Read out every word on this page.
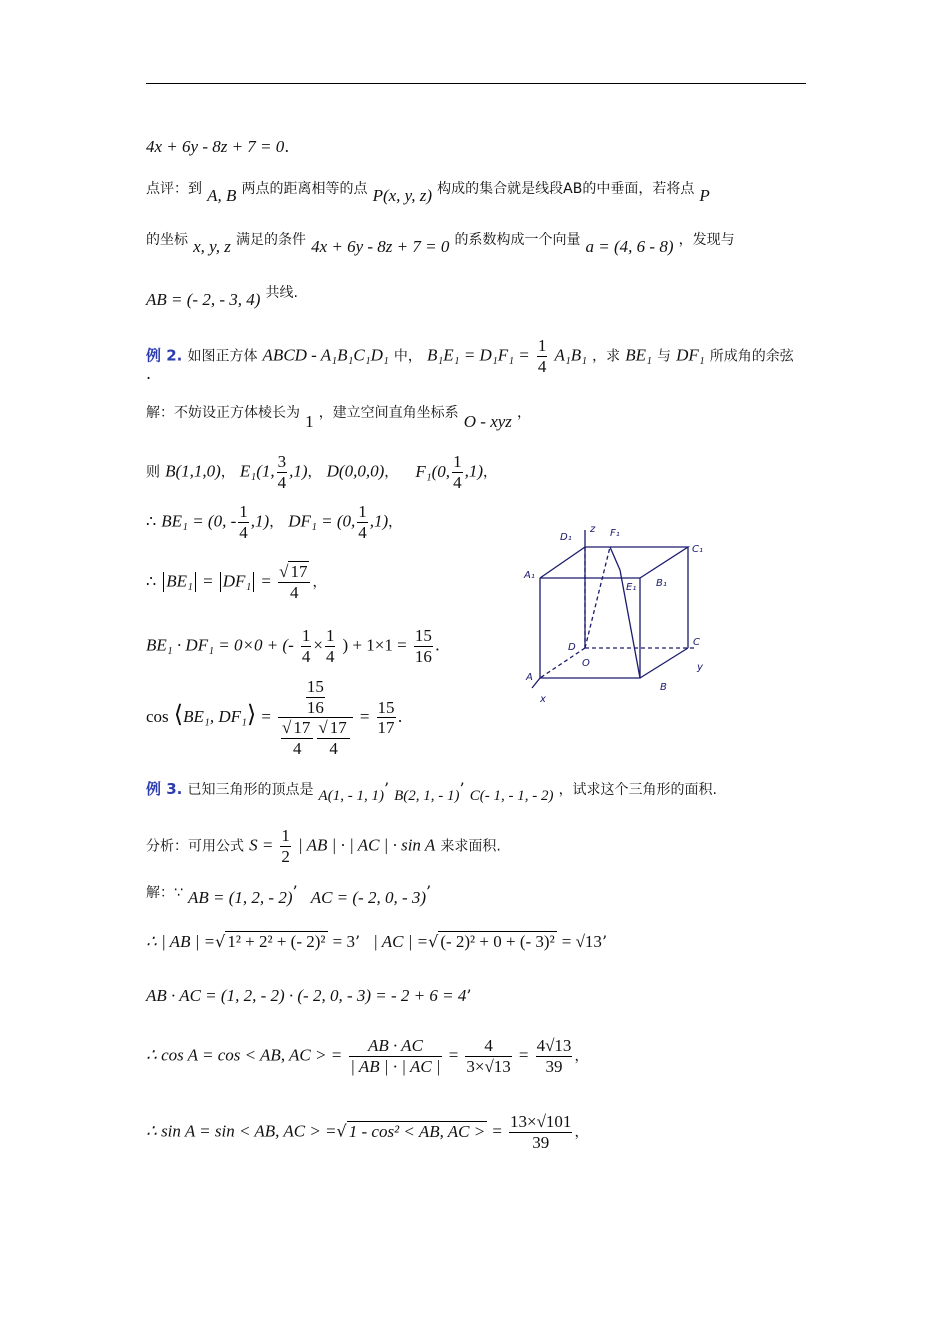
4x + 6y - 8z + 7 = 0.
点评：到 A, B 两点的距离相等的点 P(x, y, z) 构成的集合就是线段AB的中垂面，若将点 P
的坐标 x, y, z 满足的条件 4x + 6y - 8z + 7 = 0 的系数构成一个向量 a = (4, 6 - 8) ，发现与
AB = (- 2, - 3, 4) 共线.
例 2. 如图正方体 ABCD - A₁B₁C₁D₁ 中， $B_1E_1 = D_1F_1 = \frac{1}{4} A_1B_1$ ，求 BE₁ 与 DF₁ 所成角的余弦
.
解：不妨设正方体棱长为 1 ，建立空间直角坐标系 O - xyz ，
则 B(1,1,0)， E₁(1, $\frac{3}{4} ,1$)， D(0,0,0)， F₁(0, $\frac{1}{4} ,1$)，
∴ BE₁ = (0, - $\frac{1}{4} ,1$)， DF₁ = (0, $\frac{1}{4} ,1$)，
∴ $BE_1 = DF_1 = \frac{√ 17}{4}$ ，
BE₁ · DF₁ = 0×0 + (- $\frac{1}{4} \times \frac{1}{4}$ ) + $1\times 1 = \frac{15}{16}$ .
cos ⟨BE₁, DF₁⟩ = $\frac{\frac{15}{16}}{\frac{√ 17}{4} \frac{√ 17}{4}} = \frac{15}{17}$ .
D₁
z F₁
C₁
A₁
E₁ B₁
D
O
C
y
A
B
x
例 3. 已知三角形的顶点是 A(1, - 1, 1)’ B(2, 1, - 1)’ C(- 1, - 1, - 2) ，试求这个三角形的面积.
分析：可用公式 $S = \frac{1}{2}$ | AB | · | AC | · sin A 来求面积.
解：∵ AB = (1, 2, - 2)’ AC = (- 2, 0, - 3)’
∴ | AB | =√ 1² + 2² + (- 2)² = 3’ | AC | =√ (- 2)² + 0 + (- 3)² = √13’
AB · AC = (1, 2, - 2) · (- 2, 0, - 3) = - 2 + 6 = 4’
∴ cos A = cos < AB, AC > = $\frac{AB \cdot AC}{| AB | \cdot | AC |} = \frac{4}{3\times√13} = \frac{4√13}{39}$ ，
∴ sin A = sin < AB, AC > =√ 1 - cos² < AB, AC > = $\frac{13\times√101}{39}$ ，
